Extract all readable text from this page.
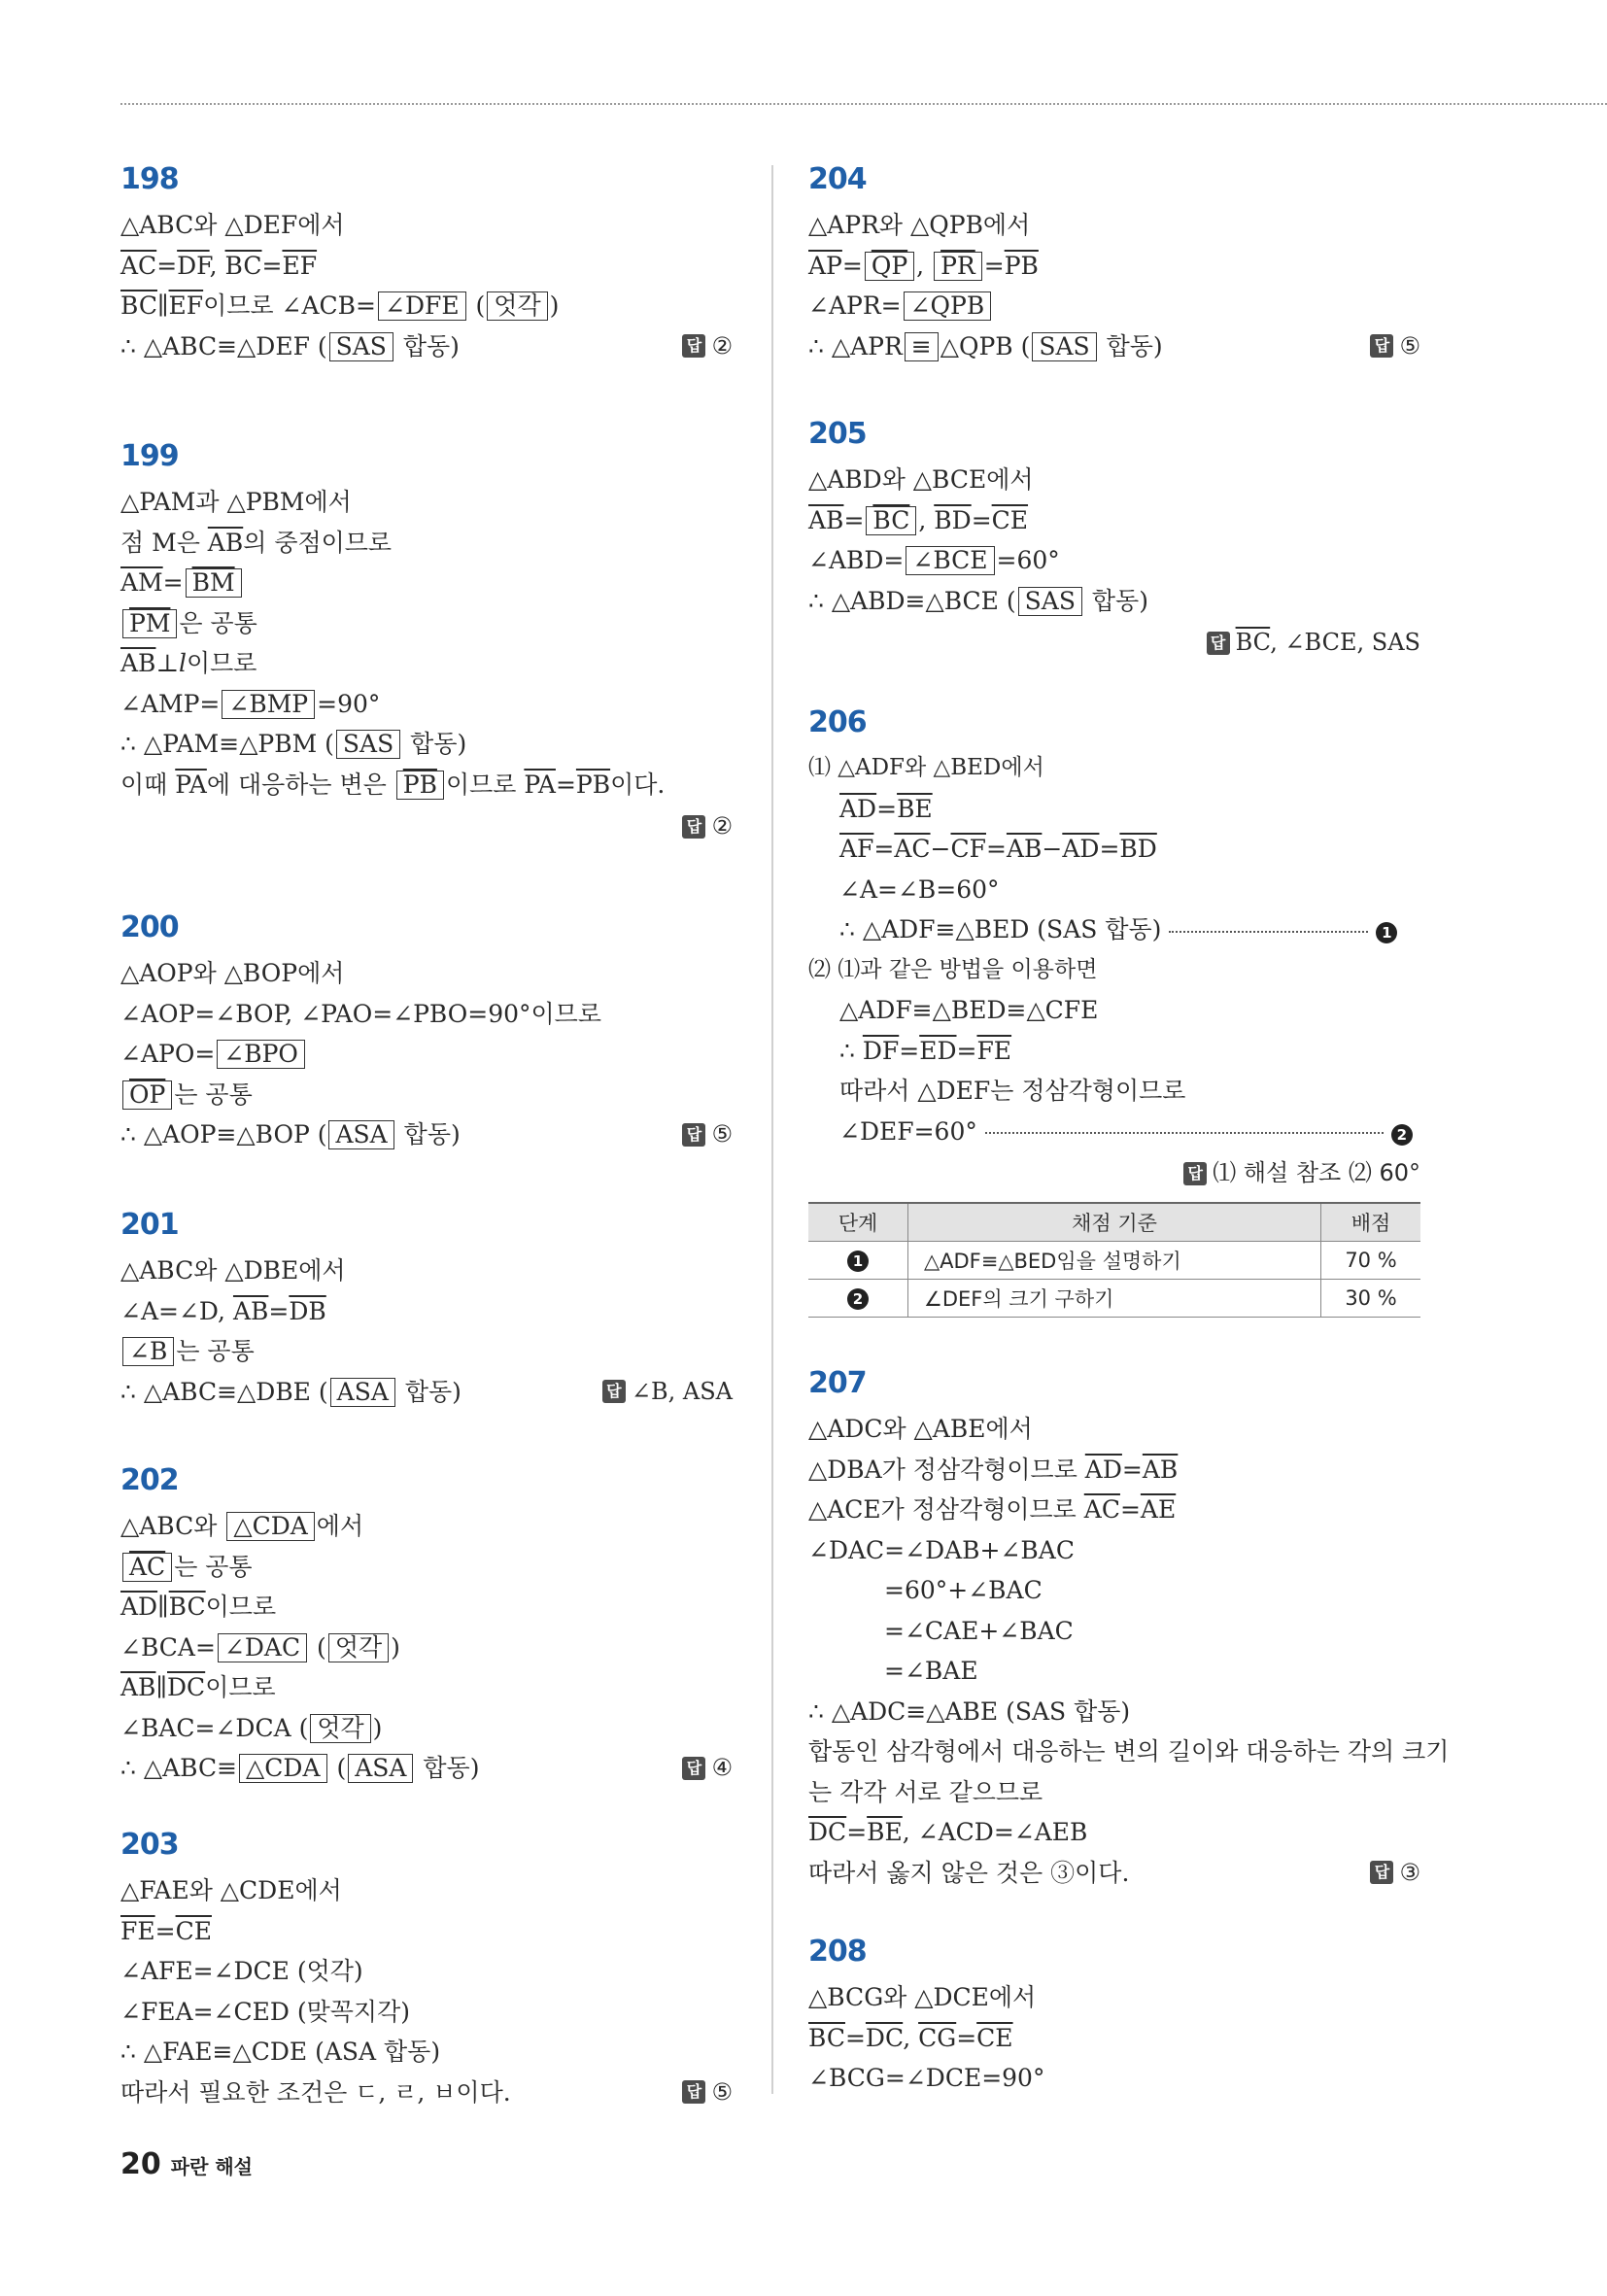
198
△ABC와 △DEF에서
$\overline{AC}=\overline{DF}$, $\overline{BC}=\overline{EF}$
$\overline{BC}\parallel\overline{EF}$이므로 ∠ACB= ∠DFE ( 엇각 )
∴ △ABC≡△DEF ( SAS 합동)	답 ②
199
△PAM과 △PBM에서
점 M은 $\overline{AB}$의 중점이므로
$\overline{AM}= \overline{BM}$
$\overline{PM}$ 은 공통
$\overline{AB}\perp l$이므로
∠AMP= ∠BMP =90°
∴ △PAM≡△PBM ( SAS 합동)
이때 $\overline{PA}$에 대응하는 변은 $\overline{PB}$ 이므로 $\overline{PA}=\overline{PB}$이다.
답 ②
200
△AOP와 △BOP에서
∠AOP=∠BOP, ∠PAO=∠PBO=90°이므로
∠APO= ∠BPO
$\overline{OP}$ 는 공통
∴ △AOP≡△BOP ( ASA 합동)	답 ⑤
201
△ABC와 △DBE에서
∠A=∠D, $\overline{AB}=\overline{DB}$
∠B 는 공통
∴ △ABC≡△DBE ( ASA 합동)	답 ∠B, ASA
202
△ABC와 △CDA 에서
$\overline{AC}$ 는 공통
$\overline{AD}\parallel\overline{BC}$이므로
∠BCA= ∠DAC ( 엇각 )
$\overline{AB}\parallel\overline{DC}$이므로
∠BAC=∠DCA ( 엇각 )
∴ △ABC≡ △CDA ( ASA 합동)	답 ④
203
△FAE와 △CDE에서
$\overline{FE}=\overline{CE}$
∠AFE=∠DCE (엇각)
∠FEA=∠CED (맞꼭지각)
∴ △FAE≡△CDE (ASA 합동)
따라서 필요한 조건은 ㄷ, ㄹ, ㅂ이다.	답 ⑤
204
△APR와 △QPB에서
$\overline{AP}= \overline{QP}$ , $\overline{PR} =\overline{PB}$
∠APR= ∠QPB
∴ △APR ≡ △QPB ( SAS 합동)	답 ⑤
205
△ABD와 △BCE에서
$\overline{AB}= \overline{BC}$ , $\overline{BD}=\overline{CE}$
∠ABD= ∠BCE =60°
∴ △ABD≡△BCE ( SAS 합동)
답 $\overline{BC}$, ∠BCE, SAS
206
⑴ △ADF와 △BED에서
$\overline{AD}=\overline{BE}$
$\overline{AF}=\overline{AC}-\overline{CF}=\overline{AB}-\overline{AD}=\overline{BD}$
∠A=∠B=60°
∴ △ADF≡△BED (SAS 합동)	1
⑵ ⑴과 같은 방법을 이용하면
△ADF≡△BED≡△CFE
∴ $\overline{DF}=\overline{ED}=\overline{FE}$
따라서 △DEF는 정삼각형이므로
∠DEF=60°	2
답 ⑴ 해설 참조 ⑵ 60°
단계	채점 기준	배점
1	△ADF≡△BED임을 설명하기	70 %
2	∠DEF의 크기 구하기	30 %
207
△ADC와 △ABE에서
△DBA가 정삼각형이므로 $\overline{AD}=\overline{AB}$
△ACE가 정삼각형이므로 $\overline{AC}=\overline{AE}$
∠DAC=∠DAB+∠BAC
=60°+∠BAC
=∠CAE+∠BAC
=∠BAE
∴ △ADC≡△ABE (SAS 합동)
합동인 삼각형에서 대응하는 변의 길이와 대응하는 각의 크기
는 각각 서로 같으므로
$\overline{DC}=\overline{BE}$, ∠ACD=∠AEB
따라서 옳지 않은 것은 ③이다.	답 ③
208
△BCG와 △DCE에서
$\overline{BC}=\overline{DC}$, $\overline{CG}=\overline{CE}$
∠BCG=∠DCE=90°
20 파란 해설
